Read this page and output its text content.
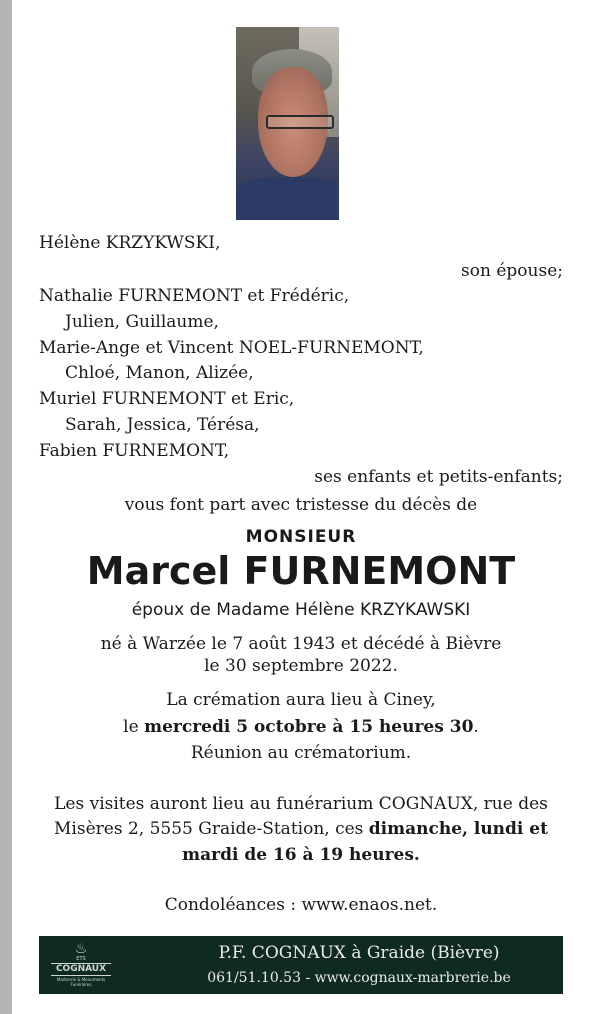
Hélène KRZYKWSKI,
son épouse;
Nathalie FURNEMONT et Frédéric,
Julien, Guillaume,
Marie-Ange et Vincent NOEL-FURNEMONT,
Chloé, Manon, Alizée,
Muriel FURNEMONT et Eric,
Sarah, Jessica, Térésa,
Fabien FURNEMONT,
ses enfants et petits-enfants;
vous font part avec tristesse du décès de
MONSIEUR
Marcel FURNEMONT
époux de Madame Hélène KRZYKAWSKI
né à Warzée le 7 août 1943 et décédé à Bièvre
le 30 septembre 2022.
La crémation aura lieu à Ciney,
le mercredi 5 octobre à 15 heures 30.
Réunion au crématorium.
Les visites auront lieu au funérarium COGNAUX, rue des
Misères 2, 5555 Graide-Station, ces dimanche, lundi et
mardi de 16 à 19 heures.
Condoléances : www.enaos.net.
♨
ETS
COGNAUX
Marbrerie & Monuments Funéraires
P.F. COGNAUX à Graide (Bièvre)
061/51.10.53 - www.cognaux-marbrerie.be
